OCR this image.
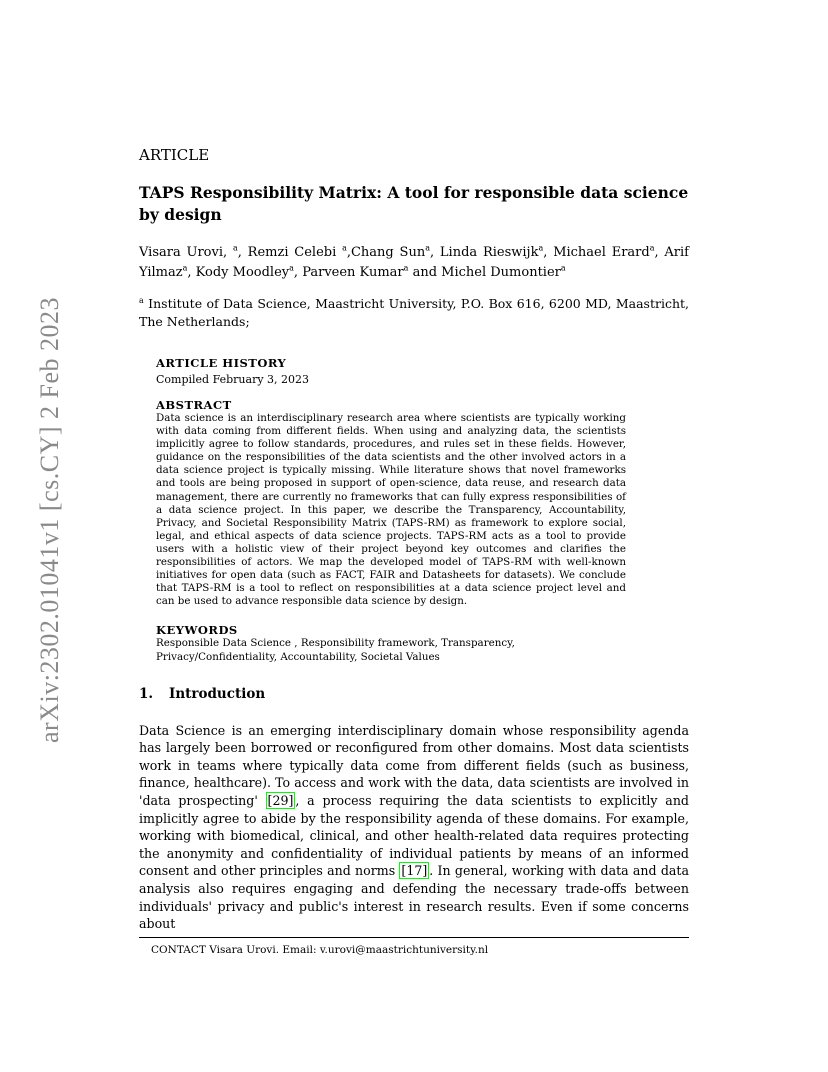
arXiv:2302.01041v1 [cs.CY] 2 Feb 2023
ARTICLE
TAPS Responsibility Matrix: A tool for responsible data science by design
Visara Urovi, $^a$, Remzi Celebi $^a$,Chang Sun$^a$, Linda Rieswijk$^a$, Michael Erard$^a$, Arif Yilmaz$^a$, Kody Moodley$^a$, Parveen Kumar$^a$ and Michel Dumontier$^a$
$^a$ Institute of Data Science, Maastricht University, P.O. Box 616, 6200 MD, Maastricht, The Netherlands;
ARTICLE HISTORY
Compiled February 3, 2023
ABSTRACT
Data science is an interdisciplinary research area where scientists are typically working with data coming from different fields. When using and analyzing data, the scientists implicitly agree to follow standards, procedures, and rules set in these fields. However, guidance on the responsibilities of the data scientists and the other involved actors in a data science project is typically missing. While literature shows that novel frameworks and tools are being proposed in support of open-science, data reuse, and research data management, there are currently no frameworks that can fully express responsibilities of a data science project. In this paper, we describe the Transparency, Accountability, Privacy, and Societal Responsibility Matrix (TAPS-RM) as framework to explore social, legal, and ethical aspects of data science projects. TAPS-RM acts as a tool to provide users with a holistic view of their project beyond key outcomes and clarifies the responsibilities of actors. We map the developed model of TAPS-RM with well-known initiatives for open data (such as FACT, FAIR and Datasheets for datasets). We conclude that TAPS-RM is a tool to reflect on responsibilities at a data science project level and can be used to advance responsible data science by design.
KEYWORDS
Responsible Data Science , Responsibility framework, Transparency,
Privacy/Confidentiality, Accountability, Societal Values
1.	Introduction
Data Science is an emerging interdisciplinary domain whose responsibility agenda has largely been borrowed or reconfigured from other domains. Most data scientists work in teams where typically data come from different fields (such as business, finance, healthcare). To access and work with the data, data scientists are involved in 'data prospecting' [29] , a process requiring the data scientists to explicitly and implicitly agree to abide by the responsibility agenda of these domains. For example, working with biomedical, clinical, and other health-related data requires protecting the anonymity and confidentiality of individual patients by means of an informed consent and other principles and norms [17] . In general, working with data and data analysis also requires engaging and defending the necessary trade-offs between individuals' privacy and public's interest in research results. Even if some concerns about
CONTACT Visara Urovi. Email: v.urovi@maastrichtuniversity.nl
